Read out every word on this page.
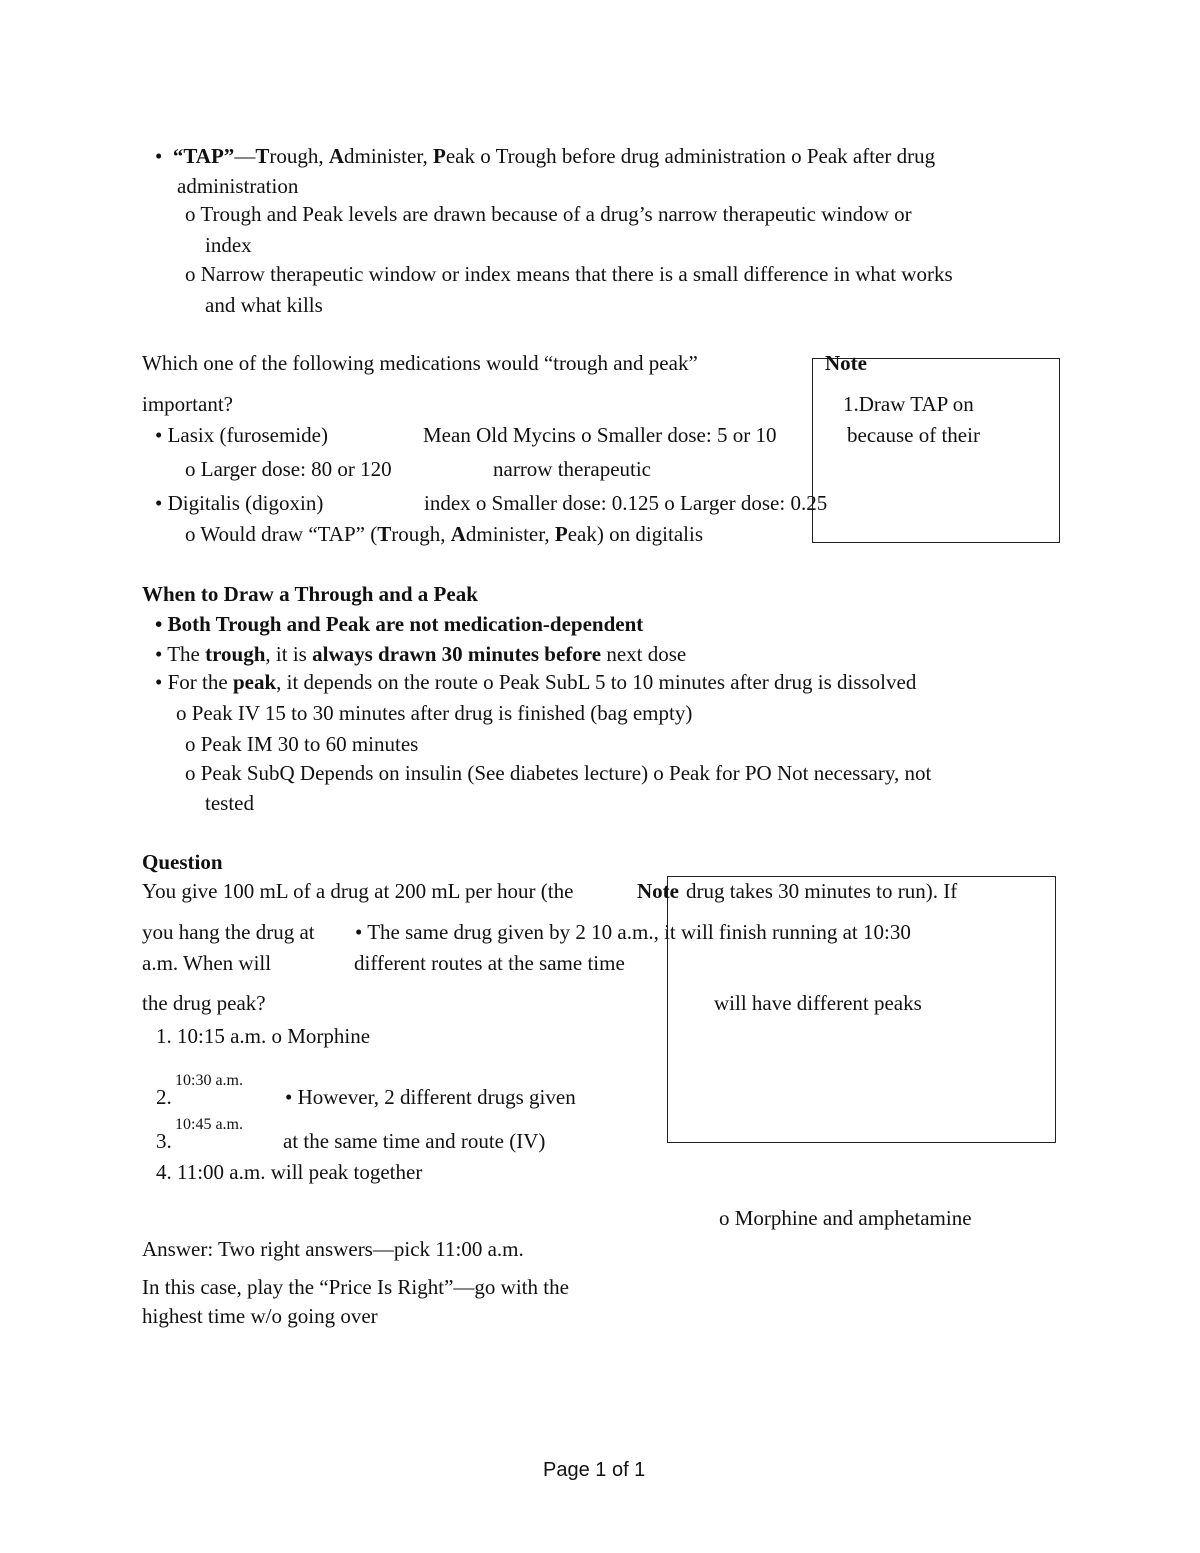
• “TAP”—Trough, Administer, Peak o Trough before drug administration o Peak after drug
administration
o Trough and Peak levels are drawn because of a drug’s narrow therapeutic window or
index
o Narrow therapeutic window or index means that there is a small difference in what works
and what kills
Note
1.Draw TAP on
because of their
Which one of the following medications would “trough and peak”
important?
• Lasix (furosemide)	Mean Old Mycins o Smaller dose: 5 or 10
o Larger dose: 80 or 120	narrow therapeutic
• Digitalis (digoxin)	index o Smaller dose: 0.125 o Larger dose: 0.25
o Would draw “TAP” (Trough, Administer, Peak) on digitalis
When to Draw a Through and a Peak
• Both Trough and Peak are not medication-dependent
• The trough, it is always drawn 30 minutes before next dose
• For the peak, it depends on the route o Peak SubL 5 to 10 minutes after drug is dissolved
o Peak IV 15 to 30 minutes after drug is finished (bag empty)
o Peak IM 30 to 60 minutes
o Peak SubQ Depends on insulin (See diabetes lecture) o Peak for PO Not necessary, not
tested
Question
You give 100 mL of a drug at 200 mL per hour (the	Note drug takes 30 minutes to run). If
you hang the drug at • The same drug given by 2 10 a.m., it will finish running at 10:30
a.m. When will	different routes at the same time
the drug peak?	will have different peaks
1. 10:15 a.m. o Morphine
2.
10:30 a.m.
• However, 2 different drugs given
3.
10:45 a.m.
at the same time and route (IV)
4. 11:00 a.m. will peak together
o Morphine and amphetamine
Answer: Two right answers—pick 11:00 a.m.
In this case, play the “Price Is Right”—go with the
highest time w/o going over
Page 1 of 1
